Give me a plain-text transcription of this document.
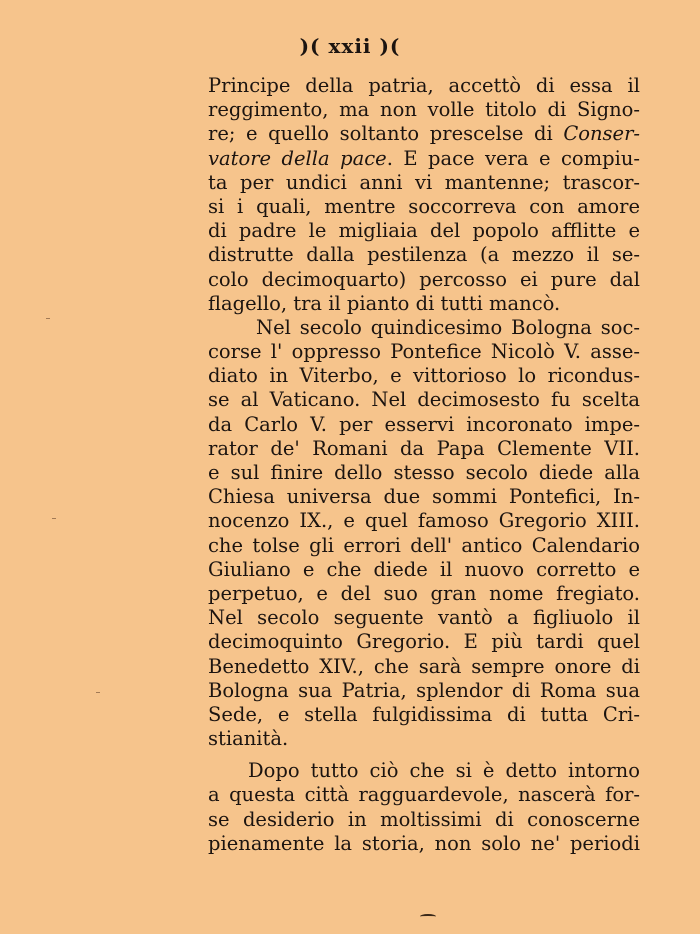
)( xxii )(
Principe della patria, accettò di essa il
reggimento, ma non volle titolo di Signo-
re; e quello soltanto prescelse di Conser-
vatore della pace. E pace vera e compiu-
ta per undici anni vi mantenne; trascor-
si i quali, mentre soccorreva con amore
di padre le migliaia del popolo afflitte e
distrutte dalla pestilenza (a mezzo il se-
colo decimoquarto) percosso ei pure dal
flagello, tra il pianto di tutti mancò.
Nel secolo quindicesimo Bologna soc-
corse l' oppresso Pontefice Nicolò V. asse-
diato in Viterbo, e vittorioso lo ricondus-
se al Vaticano. Nel decimosesto fu scelta
da Carlo V. per esservi incoronato impe-
rator de' Romani da Papa Clemente VII.
e sul finire dello stesso secolo diede alla
Chiesa universa due sommi Pontefici, In-
nocenzo IX., e quel famoso Gregorio XIII.
che tolse gli errori dell' antico Calendario
Giuliano e che diede il nuovo corretto e
perpetuo, e del suo gran nome fregiato.
Nel secolo seguente vantò a figliuolo il
decimoquinto Gregorio. E più tardi quel
Benedetto XIV., che sarà sempre onore di
Bologna sua Patria, splendor di Roma sua
Sede, e stella fulgidissima di tutta Cri-
stianità.
Dopo tutto ciò che si è detto intorno
a questa città ragguardevole, nascerà for-
se desiderio in moltissimi di conoscerne
pienamente la storia, non solo ne' periodi
